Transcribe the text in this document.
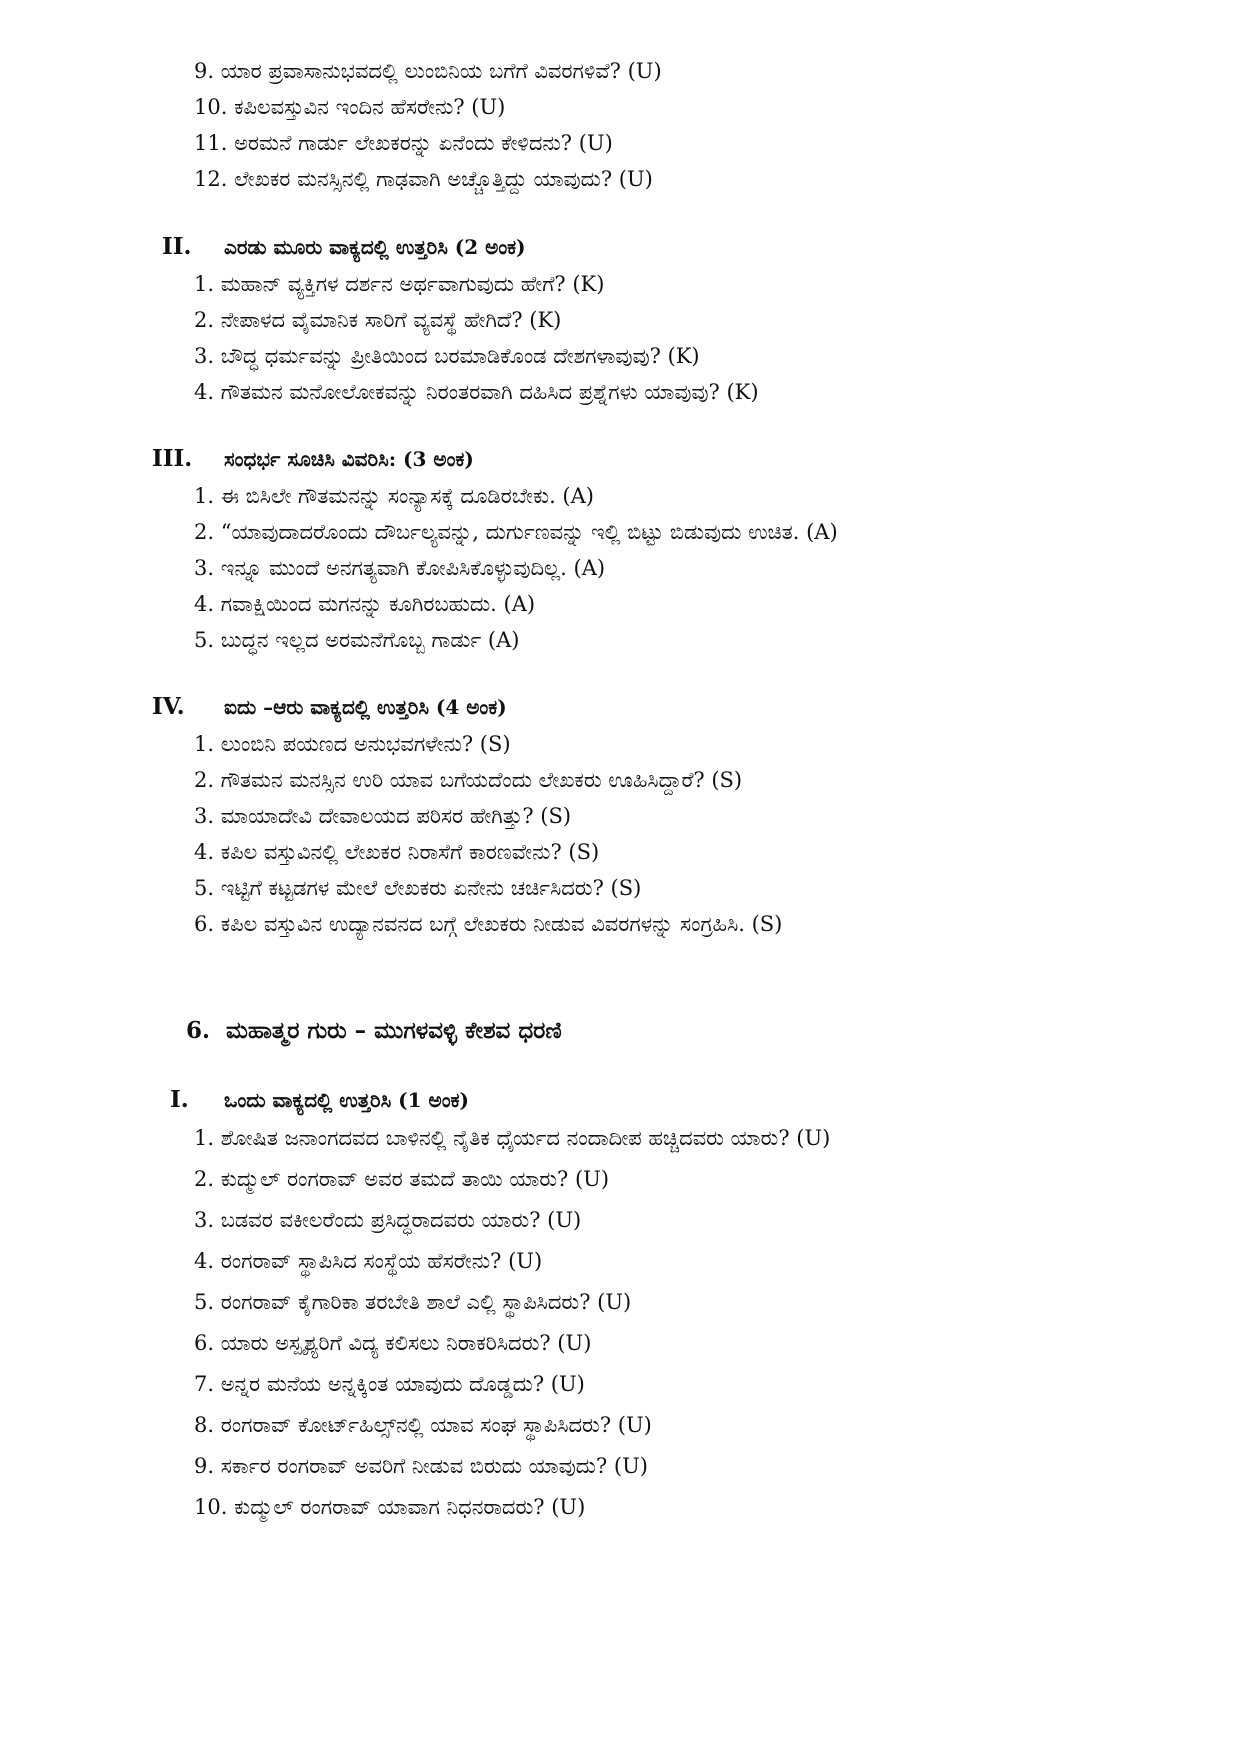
9. ಯಾರ ಪ್ರವಾಸಾನುಭವದಲ್ಲಿ ಲುಂಬಿನಿಯ ಬಗೆಗೆ ವಿವರಗಳಿವೆ? (U)

10. ಕಪಿಲವಸ್ತುವಿನ ಇಂದಿನ ಹೆಸರೇನು? (U)

11. ಅರಮನೆ ಗಾರ್ಡು ಲೇಖಕರನ್ನು ಏನೆಂದು ಕೇಳಿದನು? (U)

12. ಲೇಖಕರ ಮನಸ್ಸಿನಲ್ಲಿ ಗಾಢವಾಗಿ ಅಚ್ಚೊತ್ತಿದ್ದು ಯಾವುದು? (U)

II. ಎರಡು ಮೂರು ವಾಕ್ಯದಲ್ಲಿ ಉತ್ತರಿಸಿ (2 ಅಂಕ)

1. ಮಹಾನ್ ವ್ಯಕ್ತಿಗಳ ದರ್ಶನ ಅರ್ಥವಾಗುವುದು ಹೇಗೆ? (K)

2. ನೇಪಾಳದ ವೈಮಾನಿಕ ಸಾರಿಗೆ ವ್ಯವಸ್ಥೆ ಹೇಗಿದೆ? (K)

3. ಬೌದ್ಧ ಧರ್ಮವನ್ನು ಪ್ರೀತಿಯಿಂದ ಬರಮಾಡಿಕೊಂಡ ದೇಶಗಳಾವುವು? (K)

4. ಗೌತಮನ ಮನೋಲೋಕವನ್ನು ನಿರಂತರವಾಗಿ ದಹಿಸಿದ ಪ್ರಶ್ನೆಗಳು ಯಾವುವು? (K)

III. ಸಂಧರ್ಭ ಸೂಚಿಸಿ ವಿವರಿಸಿ: (3 ಅಂಕ)

1. ಈ ಬಿಸಿಲೇ ಗೌತಮನನ್ನು ಸಂನ್ಯಾಸಕ್ಕೆ ದೂಡಿರಬೇಕು. (A)

2. “ಯಾವುದಾದರೊಂದು ದೌರ್ಬಲ್ಯವನ್ನು, ದುರ್ಗುಣವನ್ನು ಇಲ್ಲಿ ಬಿಟ್ಟು ಬಿಡುವುದು ಉಚಿತ. (A)

3. ಇನ್ನೂ ಮುಂದೆ ಅನಗತ್ಯವಾಗಿ ಕೋಪಿಸಿಕೊಳ್ಳುವುದಿಲ್ಲ. (A)

4. ಗವಾಕ್ಷಿಯಿಂದ ಮಗನನ್ನು ಕೂಗಿರಬಹುದು. (A)

5. ಬುದ್ಧನ ಇಲ್ಲದ ಅರಮನೆಗೊಬ್ಬ ಗಾರ್ಡು (A)

IV. ಐದು –ಆರು ವಾಕ್ಯದಲ್ಲಿ ಉತ್ತರಿಸಿ (4 ಅಂಕ)

1. ಲುಂಬಿನಿ ಪಯಣದ ಅನುಭವಗಳೇನು? (S)

2. ಗೌತಮನ ಮನಸ್ಸಿನ ಉರಿ ಯಾವ ಬಗೆಯದೆಂದು ಲೇಖಕರು ಊಹಿಸಿದ್ದಾರೆ? (S)

3. ಮಾಯಾದೇವಿ ದೇವಾಲಯದ ಪರಿಸರ ಹೇಗಿತ್ತು? (S)

4. ಕಪಿಲ ವಸ್ತುವಿನಲ್ಲಿ ಲೇಖಕರ ನಿರಾಸೆಗೆ ಕಾರಣವೇನು? (S)

5. ಇಟ್ಟಿಗೆ ಕಟ್ಟಡಗಳ ಮೇಲೆ ಲೇಖಕರು ಏನೇನು ಚರ್ಚಿಸಿದರು? (S)

6. ಕಪಿಲ ವಸ್ತುವಿನ ಉದ್ಯಾನವನದ ಬಗ್ಗೆ ಲೇಖಕರು ನೀಡುವ ವಿವರಗಳನ್ನು ಸಂಗ್ರಹಿಸಿ. (S)

6. ಮಹಾತ್ಮರ ಗುರು – ಮುಗಳವಳ್ಳಿ ಕೇಶವ ಧರಣಿ
I. ಒಂದು ವಾಕ್ಯದಲ್ಲಿ ಉತ್ತರಿಸಿ (1 ಅಂಕ)

1. ಶೋಷಿತ ಜನಾಂಗದವದ ಬಾಳಿನಲ್ಲಿ ನೈತಿಕ ಧೈರ್ಯದ ನಂದಾದೀಪ ಹಚ್ಚಿದವರು ಯಾರು? (U)

2. ಕುದ್ಮುಲ್ ರಂಗರಾವ್ ಅವರ ತಮದೆ ತಾಯಿ ಯಾರು? (U)

3. ಬಡವರ ವಕೀಲರೆಂದು ಪ್ರಸಿದ್ಧರಾದವರು ಯಾರು? (U)

4. ರಂಗರಾವ್ ಸ್ಥಾಪಿಸಿದ ಸಂಸ್ಥೆಯ ಹೆಸರೇನು? (U)

5. ರಂಗರಾವ್ ಕೈಗಾರಿಕಾ ತರಬೇತಿ ಶಾಲೆ ಎಲ್ಲಿ ಸ್ಥಾಪಿಸಿದರು? (U)

6. ಯಾರು ಅಸ್ಪೃಶ್ಯರಿಗೆ ವಿದ್ಯ ಕಲಿಸಲು ನಿರಾಕರಿಸಿದರು? (U)

7. ಅನ್ನರ ಮನೆಯ ಅನ್ನಕ್ಕಿಂತ ಯಾವುದು ದೊಡ್ಡದು? (U)

8. ರಂಗರಾವ್ ಕೋರ್ಟ್‌ಹಿಲ್ಸ್‌ನಲ್ಲಿ ಯಾವ ಸಂಘ ಸ್ಥಾಪಿಸಿದರು? (U)

9. ಸರ್ಕಾರ ರಂಗರಾವ್ ಅವರಿಗೆ ನೀಡುವ ಬಿರುದು ಯಾವುದು? (U)

10. ಕುದ್ಮುಲ್ ರಂಗರಾವ್ ಯಾವಾಗ ನಿಧನರಾದರು? (U)
